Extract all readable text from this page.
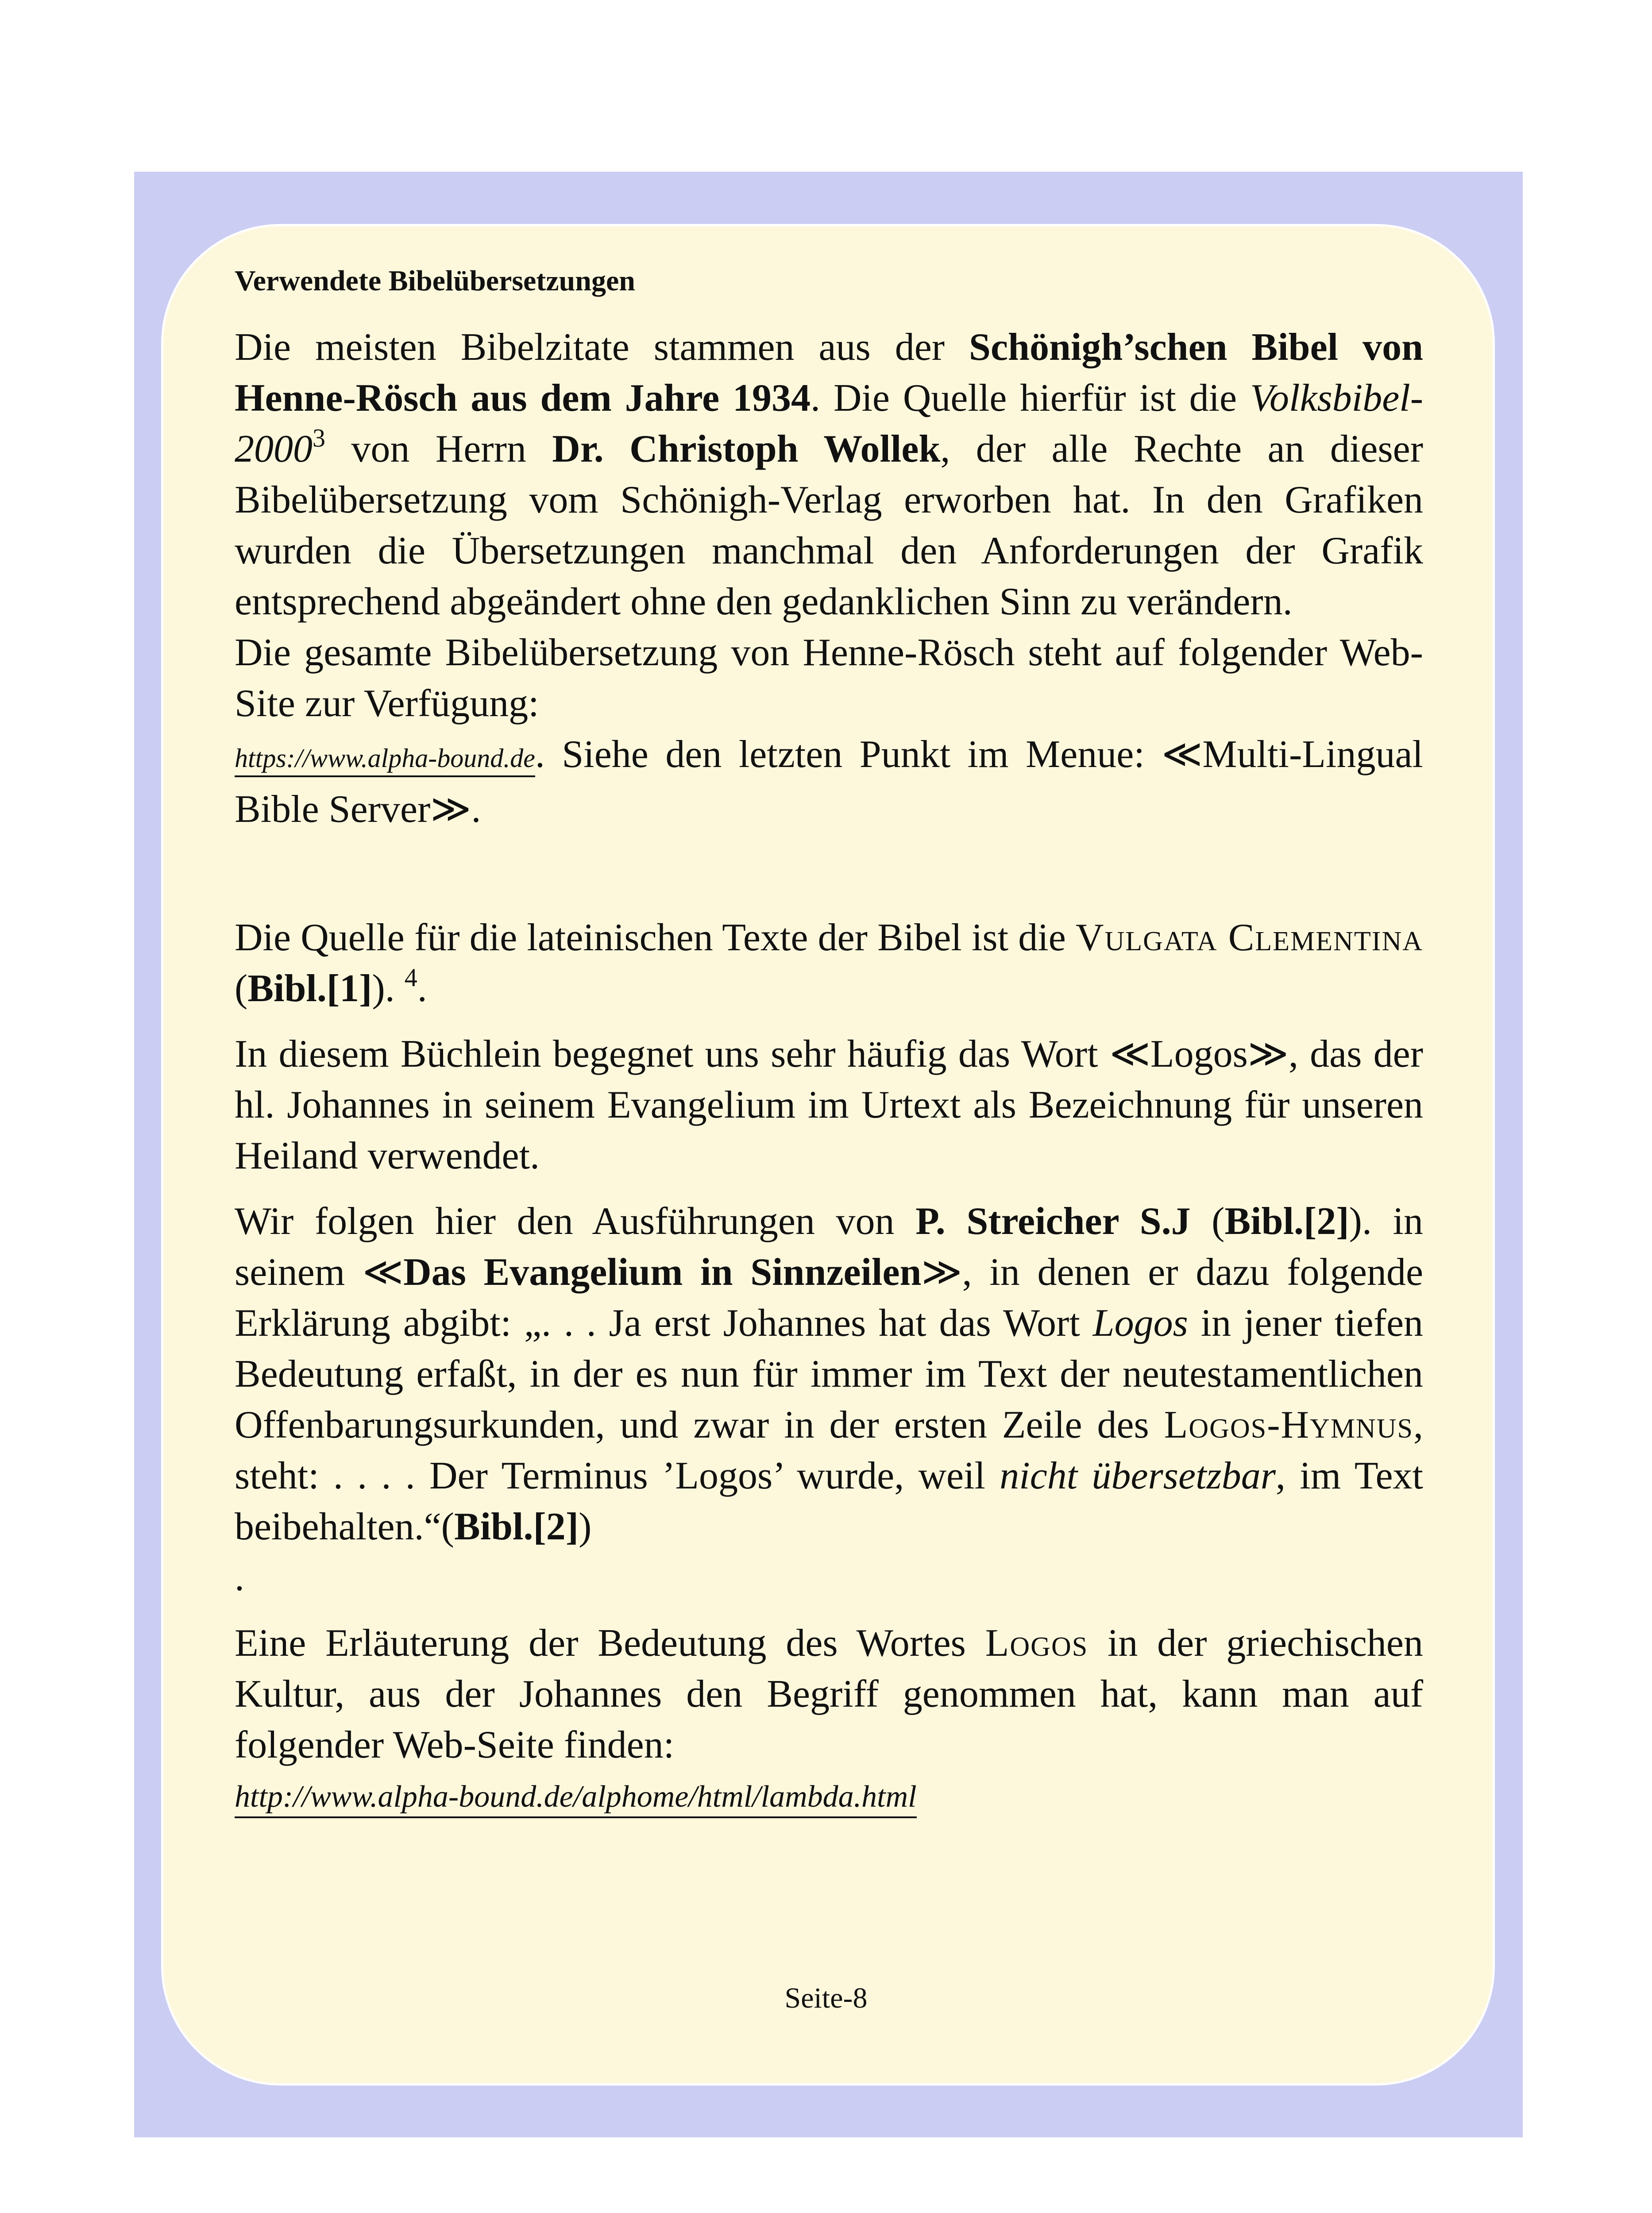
Verwendete Bibelübersetzungen

Die meisten Bibelzitate stammen aus der Schönigh’schen Bibel von Henne-Rösch aus dem Jahre 1934. Die Quelle hierfür ist die Volksbibel-2000$^3$ von Herrn Dr. Christoph Wollek, der alle Rechte an dieser Bibelübersetzung vom Schönigh-Verlag erworben hat. In den Grafiken wurden die Übersetzungen manchmal den Anforderungen der Grafik entsprechend abgeändert ohne den gedanklichen Sinn zu verändern.

Die gesamte Bibelübersetzung von Henne-Rösch steht auf folgender Web-Site zur Verfügung:

https://www.alpha-bound.de. Siehe den letzten Punkt im Menue: ≪Multi-Lingual Bible Server≫.

Die Quelle für die lateinischen Texte der Bibel ist die Vulgata Clementina (Bibl.[1]). $^4$.

In diesem Büchlein begegnet uns sehr häufig das Wort ≪Logos≫, das der hl. Johannes in seinem Evangelium im Urtext als Bezeichnung für unseren Heiland verwendet.

Wir folgen hier den Ausführungen von P. Streicher S.J (Bibl.[2]). in seinem ≪Das Evangelium in Sinnzeilen≫, in denen er dazu folgende Erklärung abgibt: „. . . Ja erst Johannes hat das Wort Logos in jener tiefen Bedeutung erfaßt, in der es nun für immer im Text der neutestamentlichen Offenbarungsurkunden, und zwar in der ersten Zeile des Logos-Hymnus, steht: . . . . Der Terminus ’Logos’ wurde, weil nicht übersetzbar, im Text beibehalten.“(Bibl.[2])

.

Eine Erläuterung der Bedeutung des Wortes Logos in der griechischen Kultur, aus der Johannes den Begriff genommen hat, kann man auf folgender Web-Seite finden:

http://www.alpha-bound.de/alphome/html/lambda.html

Seite-8
